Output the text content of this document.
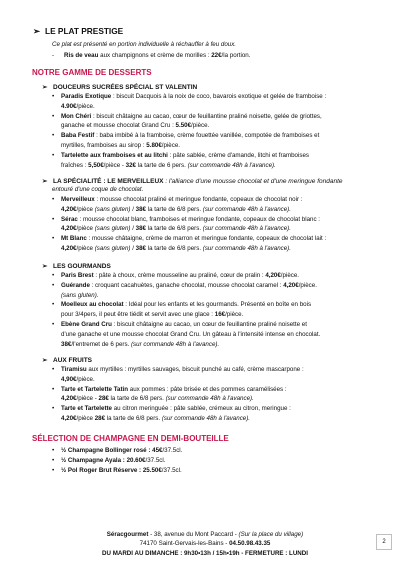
➢ LE PLAT PRESTIGE
Ce plat est présenté en portion individuelle à réchauffer à feu doux.
- Ris de veau aux champignons et crème de morilles : 22€/la portion.
NOTRE GAMME DE DESSERTS
➢ DOUCEURS SUCRÉES SPÉCIAL ST VALENTIN
• Paradis Exotique : biscuit Dacquois à la noix de coco, bavarois exotique et gelée de framboise :
4.90€/pièce.
• Mon Chéri : biscuit châtaigne au cacao, cœur de feuillantine praliné noisette, gelée de griottes,
ganache et mousse chocolat Grand Cru : 5.50€/pièce.
• Baba Festif : baba imbibé à la framboise, crème fouettée vanillée, compotée de framboises et
myrtilles, framboises au sirop : 5.80€/pièce.
• Tartelette aux framboises et au litchi : pâte sablée, crème d'amande, litchi et framboises
fraîches : 5,50€/pièce - 32€ la tarte de 6 pers. (sur commande 48h à l'avance).
➢ LA SPÉCIALITÉ : LE MERVEILLEUX : l'alliance d'une mousse chocolat et d'une meringue fondante
entouré d'une coque de chocolat.
• Merveilleux : mousse chocolat praliné et meringue fondante, copeaux de chocolat noir :
4,20€/pièce (sans gluten) / 38€ la tarte de 6/8 pers. (sur commande 48h à l'avance).
• Sérac : mousse chocolat blanc, framboises et meringue fondante, copeaux de chocolat blanc :
4,20€/pièce (sans gluten) / 38€ la tarte de 6/8 pers. (sur commande 48h à l'avance).
• Mt Blanc : mousse châtaigne, crème de marron et meringue fondante, copeaux de chocolat lait :
4,20€/pièce (sans gluten) / 38€ la tarte de 6/8 pers. (sur commande 48h à l'avance).
➢ LES GOURMANDS
• Paris Brest : pâte à choux, crème mousseline au praliné, cœur de pralin : 4,20€/pièce.
• Guérande : croquant cacahuètes, ganache chocolat, mousse chocolat caramel : 4,20€/pièce.
(sans gluten).
• Moelleux au chocolat : Idéal pour les enfants et les gourmands. Présenté en boîte en bois
pour 3/4pers, il peut être tiédit et servit avec une glace : 16€/pièce.
• Ebène Grand Cru : biscuit châtaigne au cacao, un cœur de feuillantine praliné noisette et
d'une ganache et une mousse chocolat Grand Cru. Un gâteau à l'intensité intense en chocolat.
38€/l'entremet de 6 pers. (sur commande 48h à l'avance).
➢ AUX FRUITS
• Tiramisu aux myrtilles : myrtilles sauvages, biscuit punché au café, crème mascarpone :
4,90€/pièce.
• Tarte et Tartelette Tatin aux pommes : pâte brisée et des pommes caramélisées :
4,20€/pièce - 28€ la tarte de 6/8 pers. (sur commande 48h à l'avance).
• Tarte et Tartelette au citron meringuée : pâte sablée, crémeux au citron, meringue :
4,20€/pièce 28€ la tarte de 6/8 pers. (sur commande 48h à l'avance).
SÉLECTION DE CHAMPAGNE EN DEMI-BOUTEILLE
• ½ Champagne Bollinger rosé : 45€/37.5cl.
• ½ Champagne Ayala : 20.60€/37.5cl.
• ½ Pol Roger Brut Réserve : 25.50€/37.5cl.
Séracgourmet - 38, avenue du Mont Paccard - (Sur la place du village)
74170 Saint-Gervais-les-Bains - 04.50.98.43.35
DU MARDI AU DIMANCHE : 9h30•13h / 15h•19h - FERMETURE : LUNDI
2
